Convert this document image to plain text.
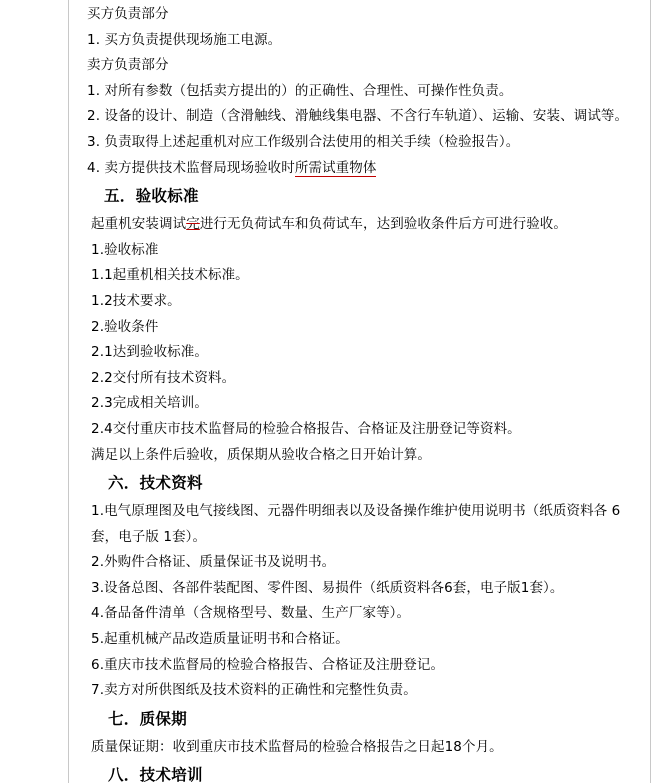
买方负责部分
1. 买方负责提供现场施工电源。
卖方负责部分
1. 对所有参数（包括卖方提出的）的正确性、合理性、可操作性负责。
2. 设备的设计、制造（含滑触线、滑触线集电器、不含行车轨道）、运输、安装、调试等。
3. 负责取得上述起重机对应工作级别合法使用的相关手续（检验报告）。
4. 卖方提供技术监督局现场验收时所需试重物体
五．验收标准
起重机安装调试完进行无负荷试车和负荷试车，达到验收条件后方可进行验收。
1.验收标准
1.1起重机相关技术标准。
1.2技术要求。
2.验收条件
2.1达到验收标准。
2.2交付所有技术资料。
2.3完成相关培训。
2.4交付重庆市技术监督局的检验合格报告、合格证及注册登记等资料。
满足以上条件后验收，质保期从验收合格之日开始计算。
六．技术资料
1.电气原理图及电气接线图、元器件明细表以及设备操作维护使用说明书（纸质资料各 6套，电子版 1套）。
2.外购件合格证、质量保证书及说明书。
3.设备总图、各部件装配图、零件图、易损件（纸质资料各6套，电子版1套）。
4.备品备件清单（含规格型号、数量、生产厂家等）。
5.起重机械产品改造质量证明书和合格证。
6.重庆市技术监督局的检验合格报告、合格证及注册登记。
7.卖方对所供图纸及技术资料的正确性和完整性负责。
七．质保期
质量保证期：收到重庆市技术监督局的检验合格报告之日起18个月。
八．技术培训
